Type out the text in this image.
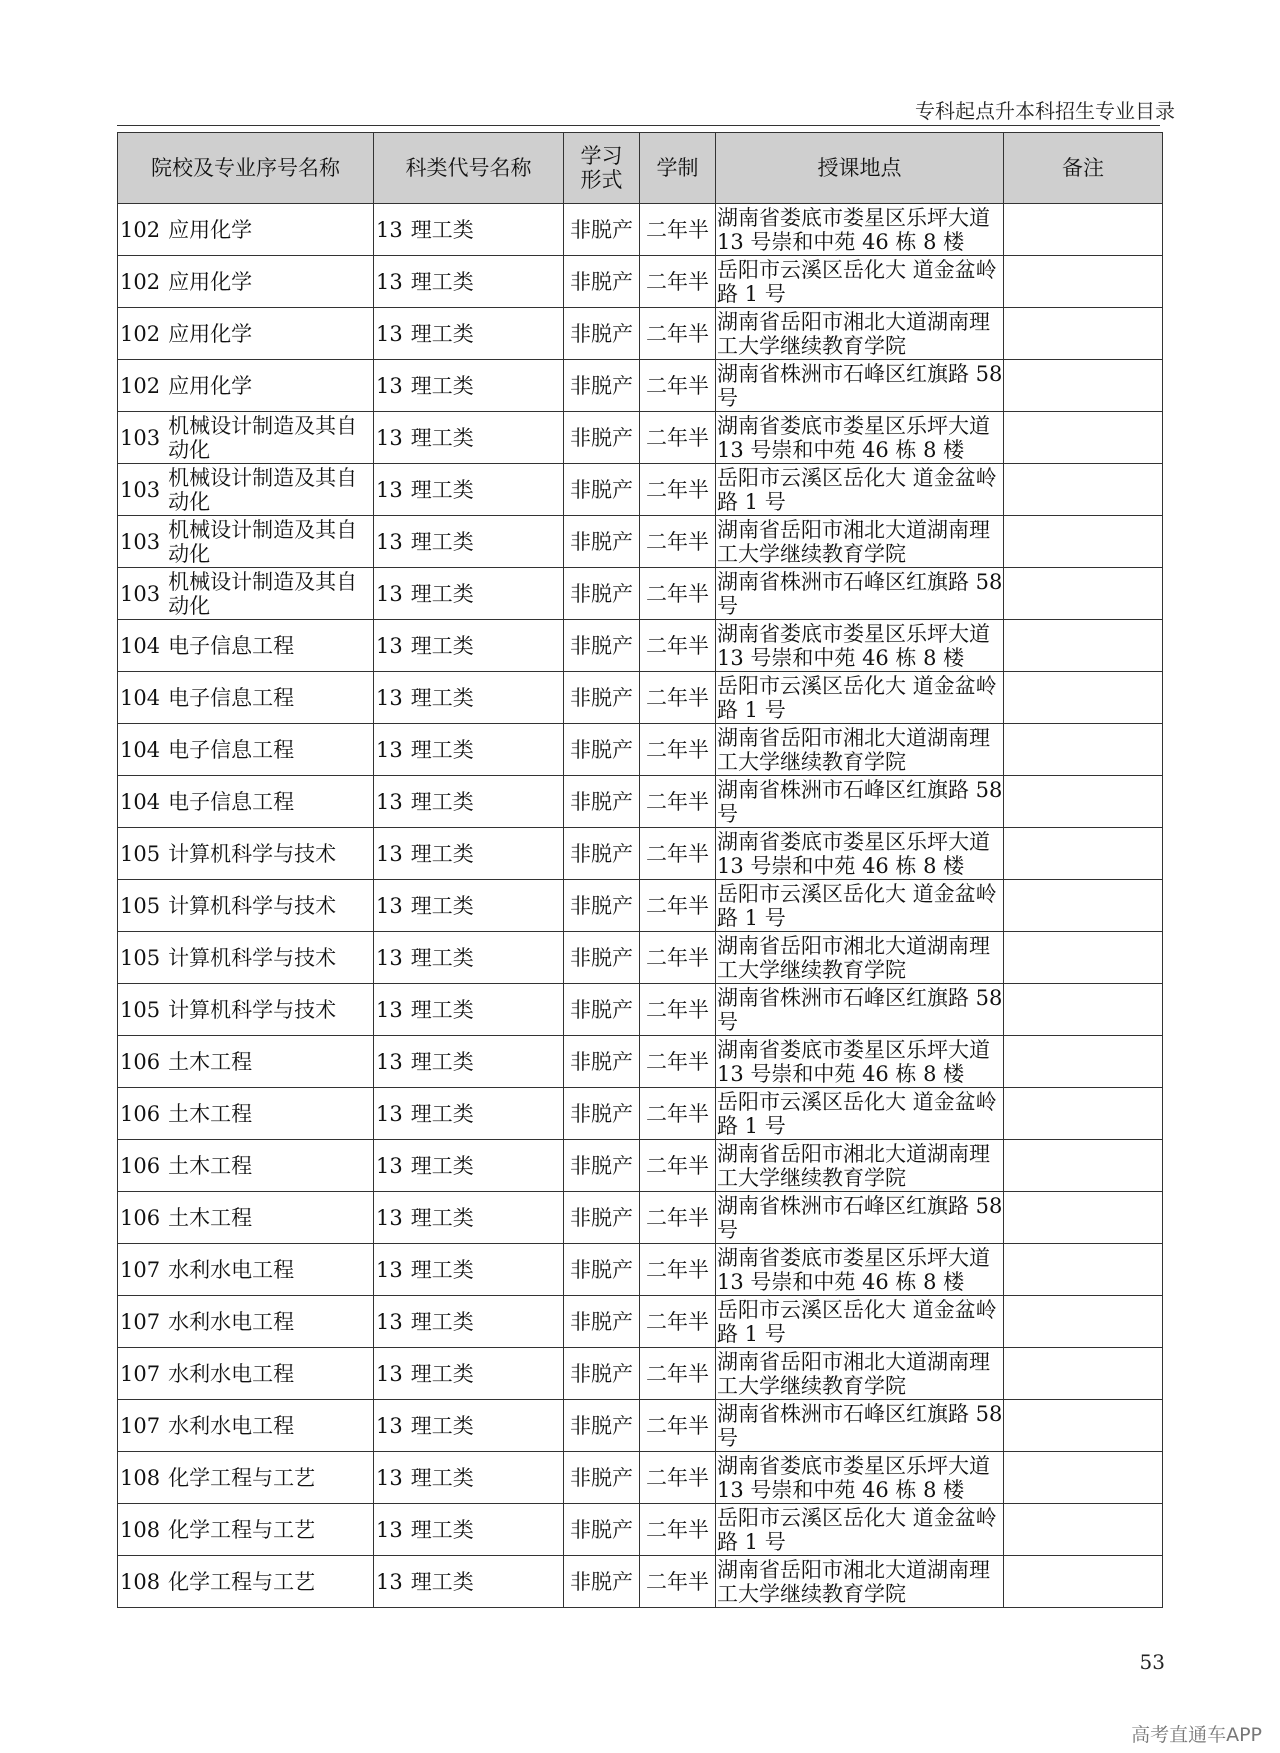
专科起点升本科招生专业目录
院校及专业序号名称	科类代号名称	学习形式	学制	授课地点	备注

102 应用化学	13 理工类	非脱产	二年半	湖南省娄底市娄星区乐坪大道 13 号崇和中苑 46 栋 8 楼	

102 应用化学	13 理工类	非脱产	二年半	岳阳市云溪区岳化大 道金盆岭路 1 号	

102 应用化学	13 理工类	非脱产	二年半	湖南省岳阳市湘北大道湖南理工大学继续教育学院	

102 应用化学	13 理工类	非脱产	二年半	湖南省株洲市石峰区红旗路 58 号	

103 机械设计制造及其自动化	13 理工类	非脱产	二年半	湖南省娄底市娄星区乐坪大道 13 号崇和中苑 46 栋 8 楼	

103 机械设计制造及其自动化	13 理工类	非脱产	二年半	岳阳市云溪区岳化大 道金盆岭路 1 号	

103 机械设计制造及其自动化	13 理工类	非脱产	二年半	湖南省岳阳市湘北大道湖南理工大学继续教育学院	

103 机械设计制造及其自动化	13 理工类	非脱产	二年半	湖南省株洲市石峰区红旗路 58 号	

104 电子信息工程	13 理工类	非脱产	二年半	湖南省娄底市娄星区乐坪大道 13 号崇和中苑 46 栋 8 楼	

104 电子信息工程	13 理工类	非脱产	二年半	岳阳市云溪区岳化大 道金盆岭路 1 号	

104 电子信息工程	13 理工类	非脱产	二年半	湖南省岳阳市湘北大道湖南理工大学继续教育学院	

104 电子信息工程	13 理工类	非脱产	二年半	湖南省株洲市石峰区红旗路 58 号	

105 计算机科学与技术	13 理工类	非脱产	二年半	湖南省娄底市娄星区乐坪大道 13 号崇和中苑 46 栋 8 楼	

105 计算机科学与技术	13 理工类	非脱产	二年半	岳阳市云溪区岳化大 道金盆岭路 1 号	

105 计算机科学与技术	13 理工类	非脱产	二年半	湖南省岳阳市湘北大道湖南理工大学继续教育学院	

105 计算机科学与技术	13 理工类	非脱产	二年半	湖南省株洲市石峰区红旗路 58 号	

106 土木工程	13 理工类	非脱产	二年半	湖南省娄底市娄星区乐坪大道 13 号崇和中苑 46 栋 8 楼	

106 土木工程	13 理工类	非脱产	二年半	岳阳市云溪区岳化大 道金盆岭路 1 号	

106 土木工程	13 理工类	非脱产	二年半	湖南省岳阳市湘北大道湖南理工大学继续教育学院	

106 土木工程	13 理工类	非脱产	二年半	湖南省株洲市石峰区红旗路 58 号	

107 水利水电工程	13 理工类	非脱产	二年半	湖南省娄底市娄星区乐坪大道 13 号崇和中苑 46 栋 8 楼	

107 水利水电工程	13 理工类	非脱产	二年半	岳阳市云溪区岳化大 道金盆岭路 1 号	

107 水利水电工程	13 理工类	非脱产	二年半	湖南省岳阳市湘北大道湖南理工大学继续教育学院	

107 水利水电工程	13 理工类	非脱产	二年半	湖南省株洲市石峰区红旗路 58 号	

108 化学工程与工艺	13 理工类	非脱产	二年半	湖南省娄底市娄星区乐坪大道 13 号崇和中苑 46 栋 8 楼	

108 化学工程与工艺	13 理工类	非脱产	二年半	岳阳市云溪区岳化大 道金盆岭路 1 号	

108 化学工程与工艺	13 理工类	非脱产	二年半	湖南省岳阳市湘北大道湖南理工大学继续教育学院	

53
高考直通车APP
